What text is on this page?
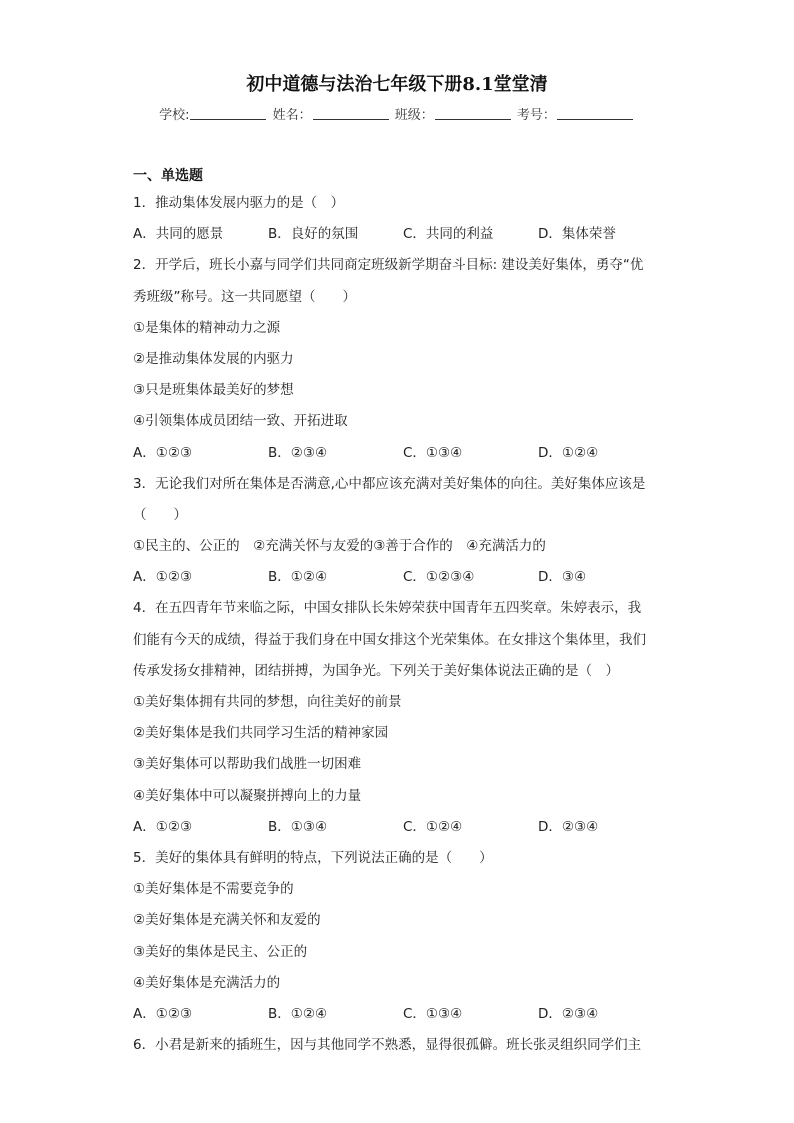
初中道德与法治七年级下册8.1堂堂清
学校:	姓名：	班级：	考号：
一、单选题
1．推动集体发展内驱力的是（　）
A．共同的愿景	B．良好的氛围	C．共同的利益	D．集体荣誉
2．开学后，班长小嘉与同学们共同商定班级新学期奋斗目标: 建设美好集体，勇夺“优
秀班级”称号。这一共同愿望（　　）
①是集体的精神动力之源
②是推动集体发展的内驱力
③只是班集体最美好的梦想
④引领集体成员团结一致、开拓进取
A．①②③	B．②③④	C．①③④	D．①②④
3．无论我们对所在集体是否满意,心中都应该充满对美好集体的向往。美好集体应该是
（　　）
①民主的、公正的　②充满关怀与友爱的③善于合作的　④充满活力的
A．①②③	B．①②④	C．①②③④	D．③④
4．在五四青年节来临之际，中国女排队长朱婷荣获中国青年五四奖章。朱婷表示，我
们能有今天的成绩，得益于我们身在中国女排这个光荣集体。在女排这个集体里，我们
传承发扬女排精神，团结拼搏，为国争光。下列关于美好集体说法正确的是（　）
①美好集体拥有共同的梦想，向往美好的前景
②美好集体是我们共同学习生活的精神家园
③美好集体可以帮助我们战胜一切困难
④美好集体中可以凝聚拼搏向上的力量
A．①②③	B．①③④	C．①②④	D．②③④
5．美好的集体具有鲜明的特点，下列说法正确的是（　　）
①美好集体是不需要竞争的
②美好集体是充满关怀和友爱的
③美好的集体是民主、公正的
④美好集体是充满活力的
A．①②③	B．①②④	C．①③④	D．②③④
6．小君是新来的插班生，因与其他同学不熟悉，显得很孤僻。班长张灵组织同学们主
